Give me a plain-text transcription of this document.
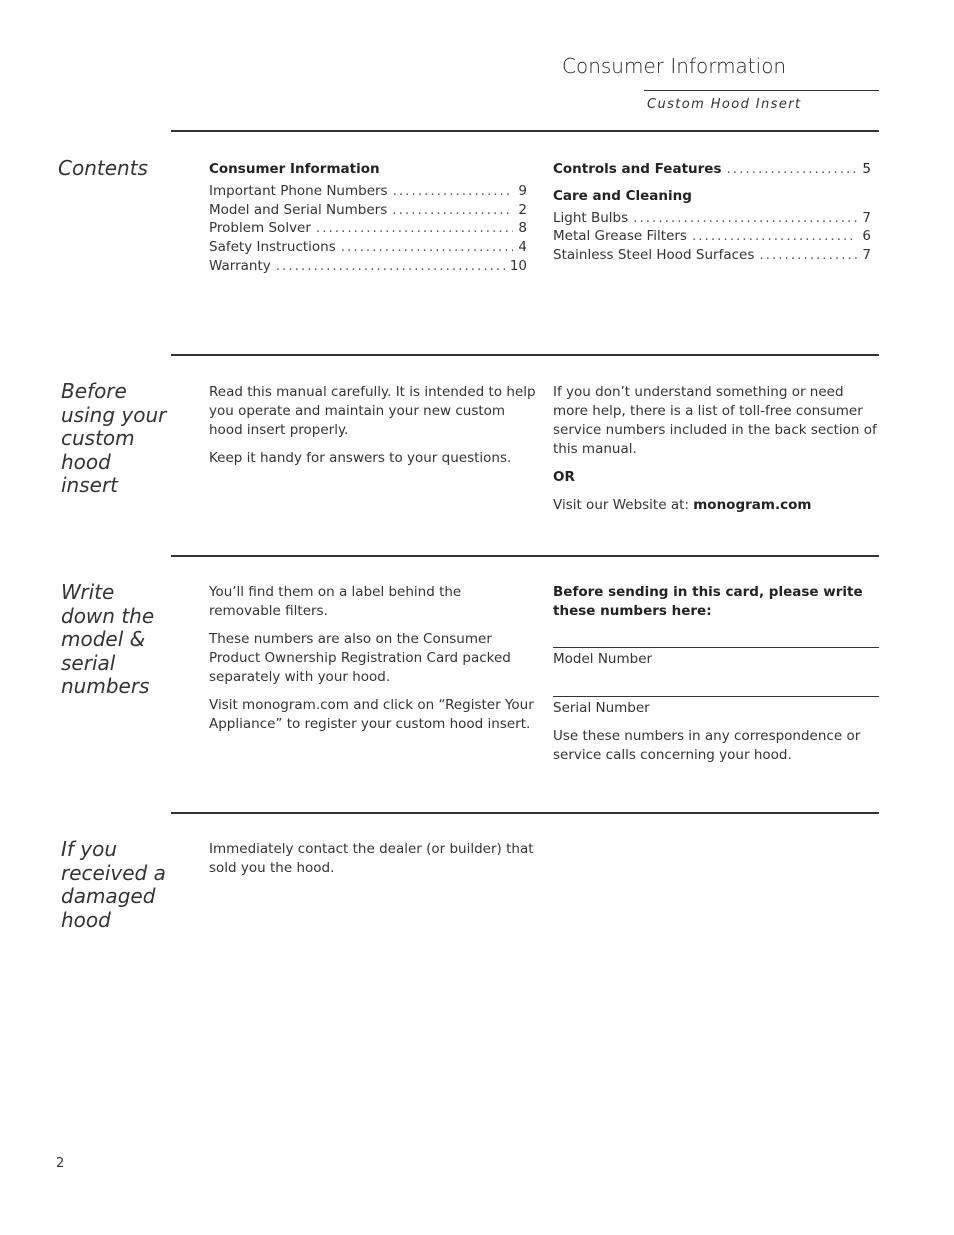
Consumer Information
Custom Hood Insert
Contents	Consumer Information
Important Phone Numbers .....	9
Model and Serial Numbers .....	2
Problem Solver .....	8
Safety Instructions .....	4
Warranty .....	10
Controls and Features .....	5
Care and Cleaning
Light Bulbs .....	7
Metal Grease Filters .....	6
Stainless Steel Hood Surfaces .....	7
Before using your custom hood insert

Read this manual carefully. It is intended to help you operate and maintain your new custom hood insert properly.

Keep it handy for answers to your questions.

If you don’t understand something or need more help, there is a list of toll-free consumer service numbers included in the back section of this manual.

OR

Visit our Website at: monogram.com

Write down the model & serial numbers

You’ll find them on a label behind the removable filters.

These numbers are also on the Consumer Product Ownership Registration Card packed separately with your hood.

Visit monogram.com and click on “Register Your Appliance” to register your custom hood insert.

Before sending in this card, please write these numbers here:

Model Number
Serial Number

Use these numbers in any correspondence or service calls concerning your hood.

If you received a damaged hood

Immediately contact the dealer (or builder) that sold you the hood.

2
